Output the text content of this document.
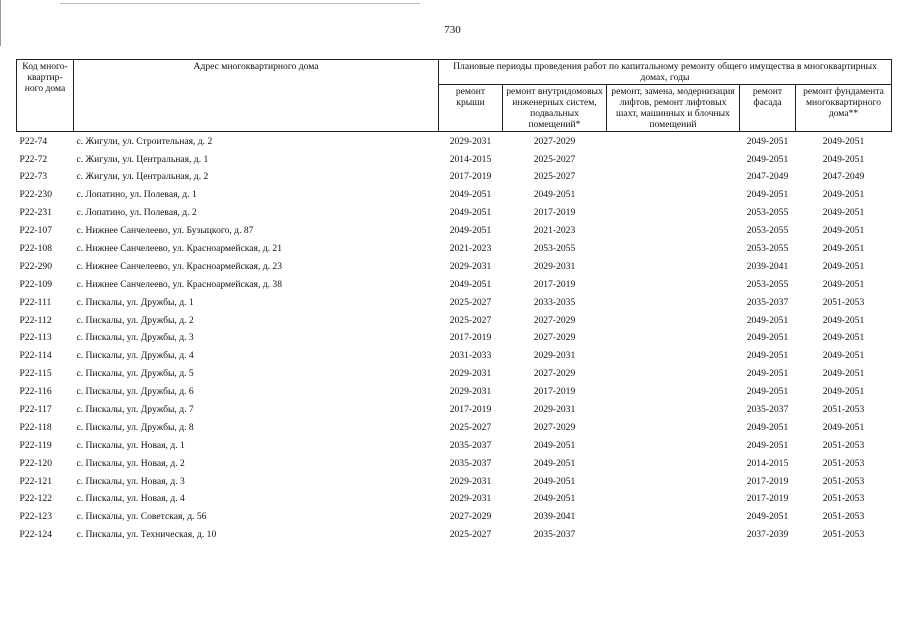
730
Код много-квартир-ного дома	Адрес многоквартирного дома	Плановые периоды проведения работ по капитальному ремонту общего имущества в многоквартирных домах, годы				
		ремонт крыши	ремонт внутридомовых инженерных систем, подвальных помещений*	ремонт, замена, модернизация лифтов, ремонт лифтовых шахт, машинных и блочных помещений	ремонт фасада	ремонт фундамента многоквартирного дома**
Р22-74	с. Жигули, ул. Строительная, д. 2	2029-2031	2027-2029		2049-2051	2049-2051
Р22-72	с. Жигули, ул. Центральная, д. 1	2014-2015	2025-2027		2049-2051	2049-2051
Р22-73	с. Жигули, ул. Центральная, д. 2	2017-2019	2025-2027		2047-2049	2047-2049
Р22-230	с. Лопатино, ул. Полевая, д. 1	2049-2051	2049-2051		2049-2051	2049-2051
Р22-231	с. Лопатино, ул. Полевая, д. 2	2049-2051	2017-2019		2053-2055	2049-2051
Р22-107	с. Нижнее Санчелеево, ул. Бузыцкого, д. 87	2049-2051	2021-2023		2053-2055	2049-2051
Р22-108	с. Нижнее Санчелеево, ул. Красноармейская, д. 21	2021-2023	2053-2055		2053-2055	2049-2051
Р22-290	с. Нижнее Санчелеево, ул. Красноармейская, д. 23	2029-2031	2029-2031		2039-2041	2049-2051
Р22-109	с. Нижнее Санчелеево, ул. Красноармейская, д. 38	2049-2051	2017-2019		2053-2055	2049-2051
Р22-111	с. Пискалы, ул. Дружбы, д. 1	2025-2027	2033-2035		2035-2037	2051-2053
Р22-112	с. Пискалы, ул. Дружбы, д. 2	2025-2027	2027-2029		2049-2051	2049-2051
Р22-113	с. Пискалы, ул. Дружбы, д. 3	2017-2019	2027-2029		2049-2051	2049-2051
Р22-114	с. Пискалы, ул. Дружбы, д. 4	2031-2033	2029-2031		2049-2051	2049-2051
Р22-115	с. Пискалы, ул. Дружбы, д. 5	2029-2031	2027-2029		2049-2051	2049-2051
Р22-116	с. Пискалы, ул. Дружбы, д. 6	2029-2031	2017-2019		2049-2051	2049-2051
Р22-117	с. Пискалы, ул. Дружбы, д. 7	2017-2019	2029-2031		2035-2037	2051-2053
Р22-118	с. Пискалы, ул. Дружбы, д. 8	2025-2027	2027-2029		2049-2051	2049-2051
Р22-119	с. Пискалы, ул. Новая, д. 1	2035-2037	2049-2051		2049-2051	2051-2053
Р22-120	с. Пискалы, ул. Новая, д. 2	2035-2037	2049-2051		2014-2015	2051-2053
Р22-121	с. Пискалы, ул. Новая, д. 3	2029-2031	2049-2051		2017-2019	2051-2053
Р22-122	с. Пискалы, ул. Новая, д. 4	2029-2031	2049-2051		2017-2019	2051-2053
Р22-123	с. Пискалы, ул. Советская, д. 56	2027-2029	2039-2041		2049-2051	2051-2053
Р22-124	с. Пискалы, ул. Техническая, д. 10	2025-2027	2035-2037		2037-2039	2051-2053
